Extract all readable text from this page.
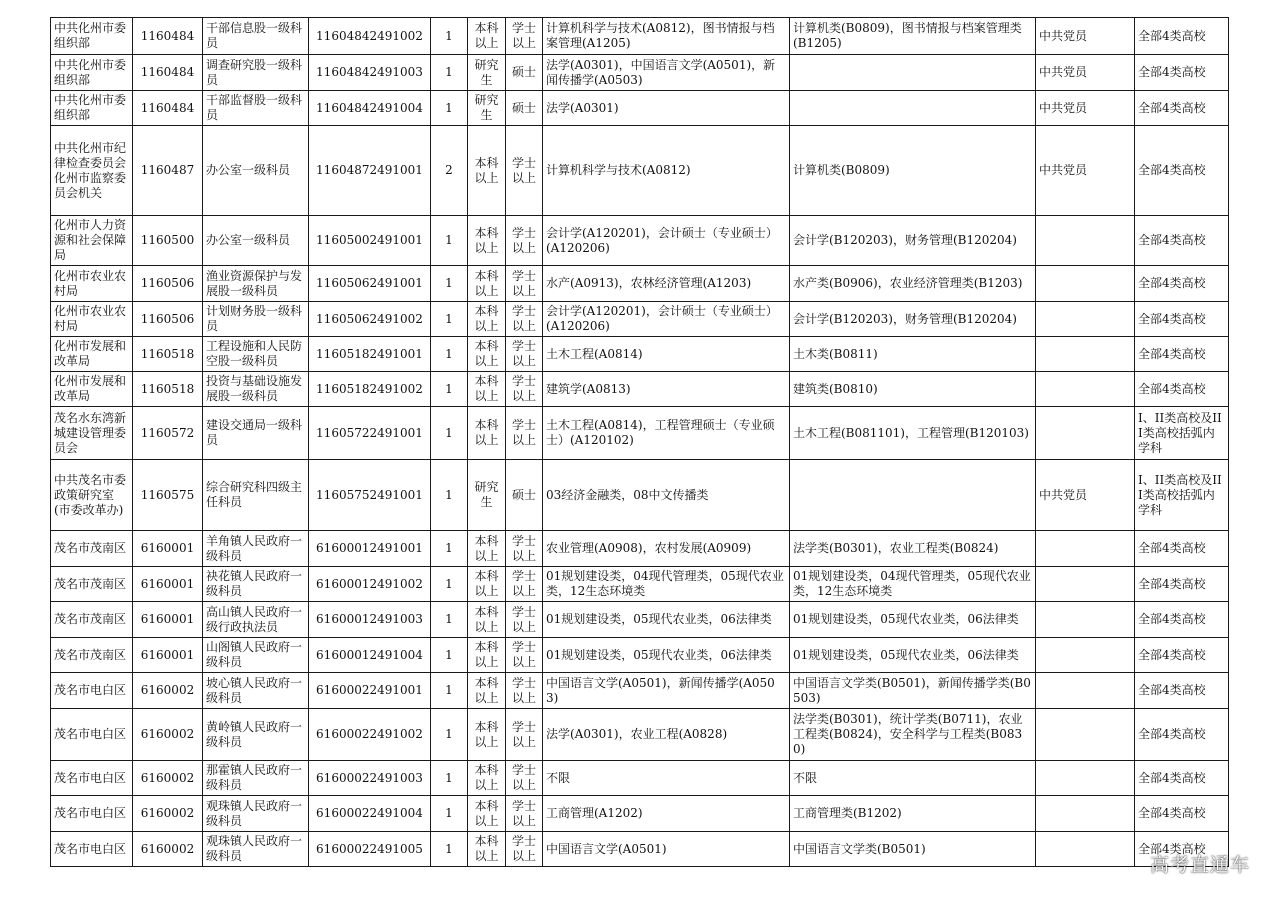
中共化州市委组织部	1160484	干部信息股一级科员	11604842491002	1	本科以上	学士以上	计算机科学与技术(A0812)，图书情报与档案管理(A1205)	计算机类(B0809)，图书情报与档案管理类(B1205)	中共党员	全部4类高校
中共化州市委组织部	1160484	调查研究股一级科员	11604842491003	1	研究生	硕士	法学(A0301)，中国语言文学(A0501)，新闻传播学(A0503)		中共党员	全部4类高校
中共化州市委组织部	1160484	干部监督股一级科员	11604842491004	1	研究生	硕士	法学(A0301)		中共党员	全部4类高校
中共化州市纪律检查委员会化州市监察委员会机关	1160487	办公室一级科员	11604872491001	2	本科以上	学士以上	计算机科学与技术(A0812)	计算机类(B0809)	中共党员	全部4类高校
化州市人力资源和社会保障局	1160500	办公室一级科员	11605002491001	1	本科以上	学士以上	会计学(A120201)，会计硕士（专业硕士）(A120206)	会计学(B120203)，财务管理(B120204)		全部4类高校
化州市农业农村局	1160506	渔业资源保护与发展股一级科员	11605062491001	1	本科以上	学士以上	水产(A0913)，农林经济管理(A1203)	水产类(B0906)，农业经济管理类(B1203)		全部4类高校
化州市农业农村局	1160506	计划财务股一级科员	11605062491002	1	本科以上	学士以上	会计学(A120201)，会计硕士（专业硕士）(A120206)	会计学(B120203)，财务管理(B120204)		全部4类高校
化州市发展和改革局	1160518	工程设施和人民防空股一级科员	11605182491001	1	本科以上	学士以上	土木工程(A0814)	土木类(B0811)		全部4类高校
化州市发展和改革局	1160518	投资与基础设施发展股一级科员	11605182491002	1	本科以上	学士以上	建筑学(A0813)	建筑类(B0810)		全部4类高校
茂名水东湾新城建设管理委员会	1160572	建设交通局一级科员	11605722491001	1	本科以上	学士以上	土木工程(A0814)，工程管理硕士（专业硕士）(A120102)	土木工程(B081101)，工程管理(B120103)		I、II类高校及III类高校括弧内学科
中共茂名市委政策研究室(市委改革办)	1160575	综合研究科四级主任科员	11605752491001	1	研究生	硕士	03经济金融类，08中文传播类		中共党员	I、II类高校及III类高校括弧内学科
茂名市茂南区	6160001	羊角镇人民政府一级科员	61600012491001	1	本科以上	学士以上	农业管理(A0908)，农村发展(A0909)	法学类(B0301)，农业工程类(B0824)		全部4类高校
茂名市茂南区	6160001	袂花镇人民政府一级科员	61600012491002	1	本科以上	学士以上	01规划建设类，04现代管理类，05现代农业类，12生态环境类	01规划建设类，04现代管理类，05现代农业类，12生态环境类		全部4类高校
茂名市茂南区	6160001	高山镇人民政府一级行政执法员	61600012491003	1	本科以上	学士以上	01规划建设类，05现代农业类，06法律类	01规划建设类，05现代农业类，06法律类		全部4类高校
茂名市茂南区	6160001	山阁镇人民政府一级科员	61600012491004	1	本科以上	学士以上	01规划建设类，05现代农业类，06法律类	01规划建设类，05现代农业类，06法律类		全部4类高校
茂名市电白区	6160002	坡心镇人民政府一级科员	61600022491001	1	本科以上	学士以上	中国语言文学(A0501)，新闻传播学(A0503)	中国语言文学类(B0501)，新闻传播学类(B0503)		全部4类高校
茂名市电白区	6160002	黄岭镇人民政府一级科员	61600022491002	1	本科以上	学士以上	法学(A0301)，农业工程(A0828)	法学类(B0301)，统计学类(B0711)，农业工程类(B0824)，安全科学与工程类(B0830)		全部4类高校
茂名市电白区	6160002	那霍镇人民政府一级科员	61600022491003	1	本科以上	学士以上	不限	不限		全部4类高校
茂名市电白区	6160002	观珠镇人民政府一级科员	61600022491004	1	本科以上	学士以上	工商管理(A1202)	工商管理类(B1202)		全部4类高校
茂名市电白区	6160002	观珠镇人民政府一级科员	61600022491005	1	本科以上	学士以上	中国语言文学(A0501)	中国语言文学类(B0501)		全部4类高校
高考直通车
